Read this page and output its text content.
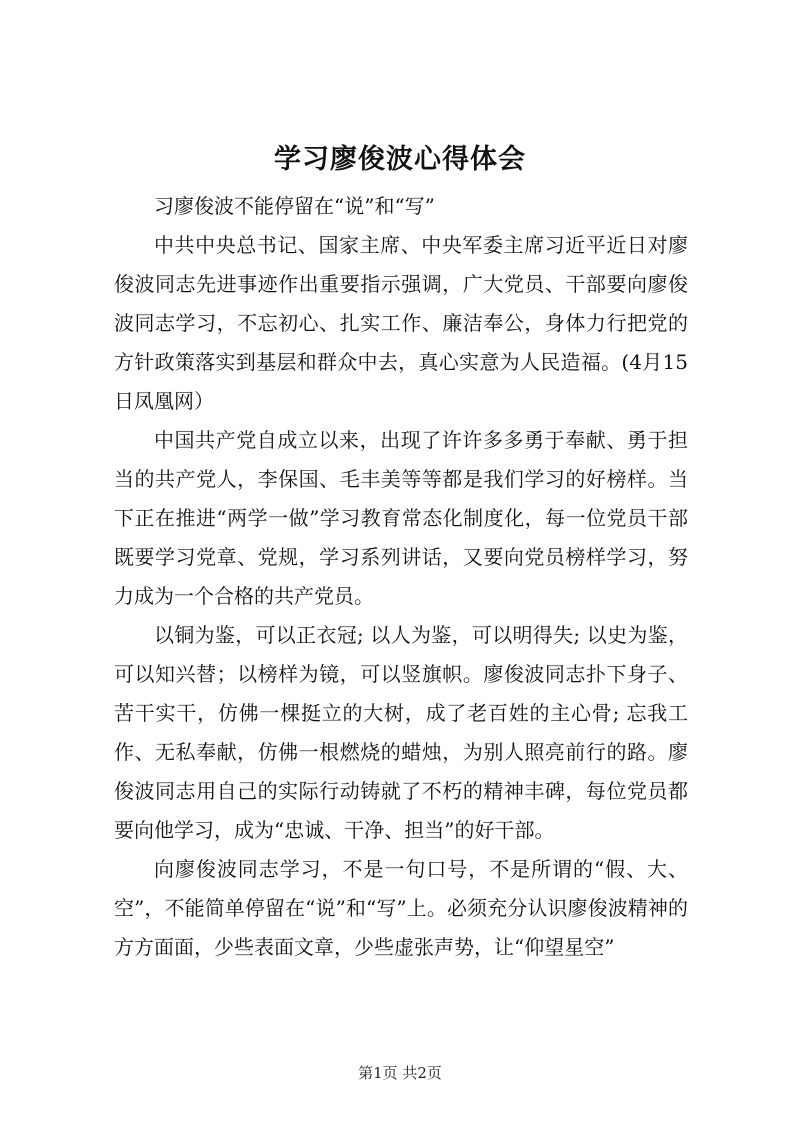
学习廖俊波心得体会

习廖俊波不能停留在“说”和“写”

中共中央总书记、国家主席、中央军委主席习近平近日对廖俊波同志先进事迹作出重要指示强调，广大党员、干部要向廖俊波同志学习，不忘初心、扎实工作、廉洁奉公，身体力行把党的方针政策落实到基层和群众中去，真心实意为人民造福。(4月15日凤凰网）

中国共产党自成立以来，出现了许许多多勇于奉献、勇于担当的共产党人，李保国、毛丰美等等都是我们学习的好榜样。当下正在推进“两学一做”学习教育常态化制度化，每一位党员干部既要学习党章、党规，学习系列讲话，又要向党员榜样学习，努力成为一个合格的共产党员。

以铜为鉴，可以正衣冠; 以人为鉴，可以明得失; 以史为鉴，可以知兴替；以榜样为镜，可以竖旗帜。廖俊波同志扑下身子、苦干实干，仿佛一棵挺立的大树，成了老百姓的主心骨; 忘我工作、无私奉献，仿佛一根燃烧的蜡烛，为别人照亮前行的路。廖俊波同志用自己的实际行动铸就了不朽的精神丰碑，每位党员都要向他学习，成为“忠诚、干净、担当”的好干部。

向廖俊波同志学习，不是一句口号，不是所谓的“假、大、空”，不能简单停留在“说”和“写”上。必须充分认识廖俊波精神的方方面面，少些表面文章，少些虚张声势，让“仰望星空”

第1页 共2页
